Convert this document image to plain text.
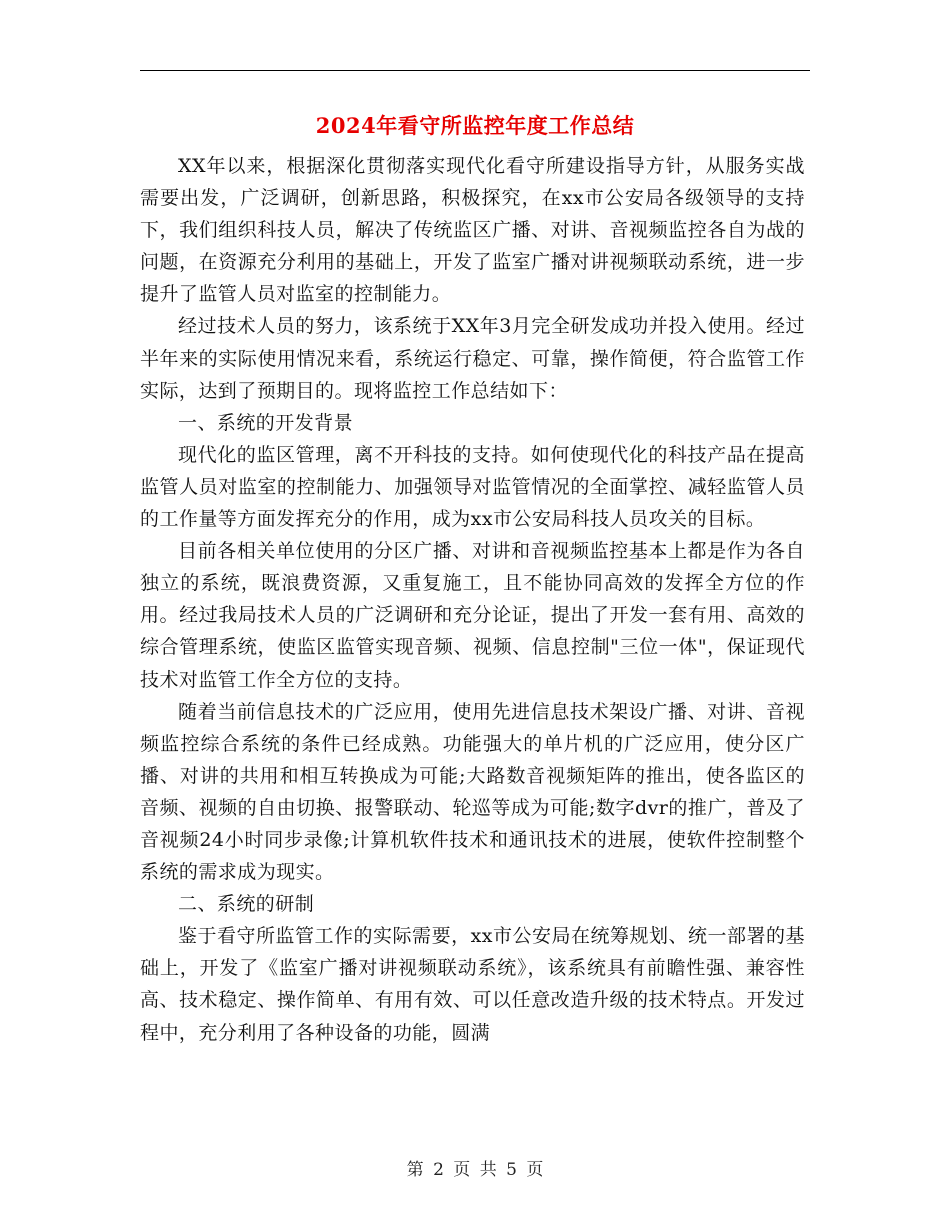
2024年看守所监控年度工作总结

XX年以来，根据深化贯彻落实现代化看守所建设指导方针，从服务实战需要出发，广泛调研，创新思路，积极探究，在xx市公安局各级领导的支持下，我们组织科技人员，解决了传统监区广播、对讲、音视频监控各自为战的问题，在资源充分利用的基础上，开发了监室广播对讲视频联动系统，进一步提升了监管人员对监室的控制能力。

经过技术人员的努力，该系统于XX年3月完全研发成功并投入使用。经过半年来的实际使用情况来看，系统运行稳定、可靠，操作简便，符合监管工作实际，达到了预期目的。现将监控工作总结如下：

一、系统的开发背景

现代化的监区管理，离不开科技的支持。如何使现代化的科技产品在提高监管人员对监室的控制能力、加强领导对监管情况的全面掌控、减轻监管人员的工作量等方面发挥充分的作用，成为xx市公安局科技人员攻关的目标。

目前各相关单位使用的分区广播、对讲和音视频监控基本上都是作为各自独立的系统，既浪费资源，又重复施工，且不能协同高效的发挥全方位的作用。经过我局技术人员的广泛调研和充分论证，提出了开发一套有用、高效的综合管理系统，使监区监管实现音频、视频、信息控制"三位一体"，保证现代技术对监管工作全方位的支持。

随着当前信息技术的广泛应用，使用先进信息技术架设广播、对讲、音视频监控综合系统的条件已经成熟。功能强大的单片机的广泛应用，使分区广播、对讲的共用和相互转换成为可能;大路数音视频矩阵的推出，使各监区的音频、视频的自由切换、报警联动、轮巡等成为可能;数字dvr的推广，普及了音视频24小时同步录像;计算机软件技术和通讯技术的进展，使软件控制整个系统的需求成为现实。

二、系统的研制

鉴于看守所监管工作的实际需要，xx市公安局在统筹规划、统一部署的基础上，开发了《监室广播对讲视频联动系统》，该系统具有前瞻性强、兼容性高、技术稳定、操作简单、有用有效、可以任意改造升级的技术特点。开发过程中，充分利用了各种设备的功能，圆满

第 2 页 共 5 页
